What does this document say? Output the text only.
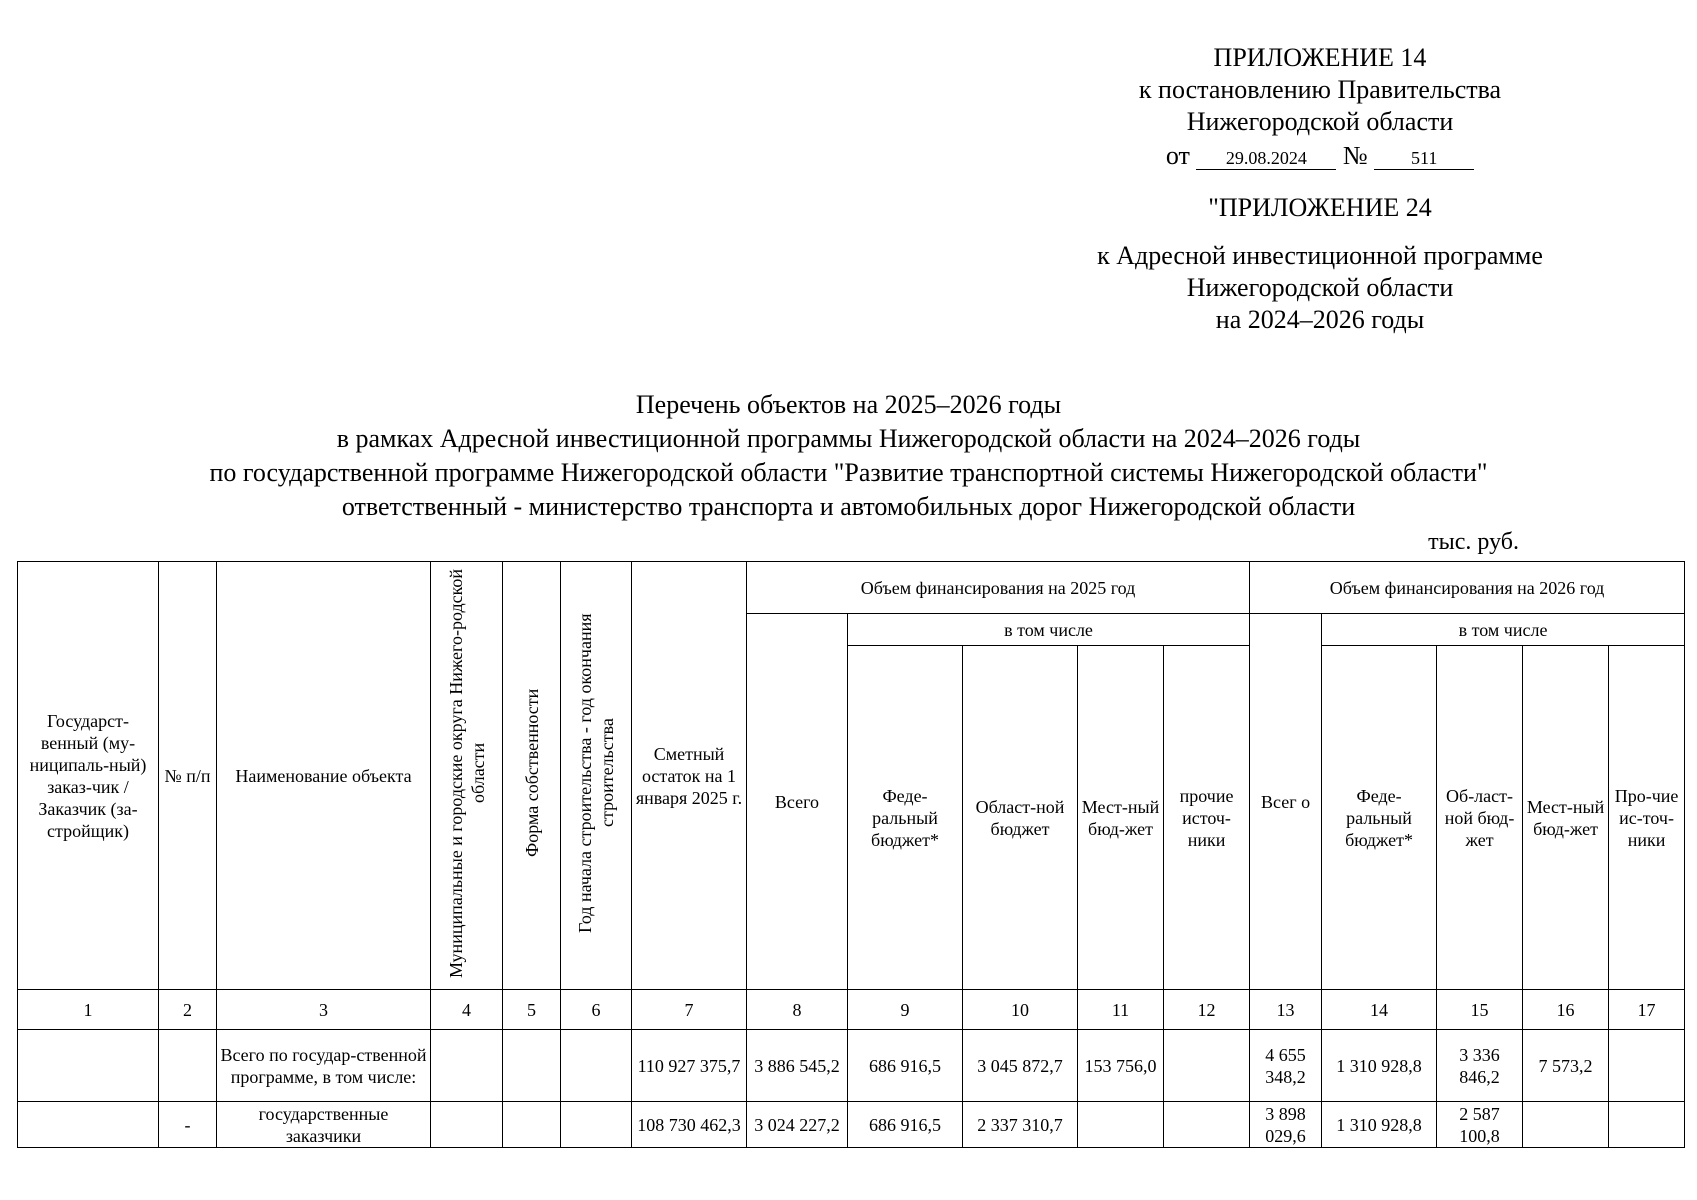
ПРИЛОЖЕНИЕ 14
к постановлению Правительства
Нижегородской области
от 29.08.2024 № 511
"ПРИЛОЖЕНИЕ 24
к Адресной инвестиционной программе
Нижегородской области
на 2024–2026 годы
Перечень объектов на 2025–2026 годы
в рамках Адресной инвестиционной программы Нижегородской области на 2024–2026 годы
по государственной программе Нижегородской области "Развитие транспортной системы Нижегородской области"
ответственный - министерство транспорта и автомобильных дорог Нижегородской области
тыс. руб.
Государст-венный (му-ниципаль-ный) заказ-чик / Заказчик (за-стройщик)	№ п/п	Наименование объекта	Муниципальные и городские округа Нижего-родской области	Форма собственности	Год начала строительства - год окончания строительства	Сметный остаток на 1 января 2025 г.	Объем финансирования на 2025 год					Объем финансирования на 2026 год				
							Всего	в том числе				Всег о	в том числе			
								Феде-ральный бюджет*	Област-ной бюджет	Мест-ный бюд-жет	прочие источ-ники		Феде-ральный бюджет*	Об-ласт-ной бюд-жет	Мест-ный бюд-жет	Про-чие ис-точ-ники
1	2	3	4	5	6	7	8	9	10	11	12	13	14	15	16	17
		Всего по государ-ственной программе, в том числе:				110 927 375,7	3 886 545,2	686 916,5	3 045 872,7	153 756,0		4 655 348,2	1 310 928,8	3 336 846,2	7 573,2	
	-	государственные заказчики				108 730 462,3	3 024 227,2	686 916,5	2 337 310,7			3 898 029,6	1 310 928,8	2 587 100,8		
